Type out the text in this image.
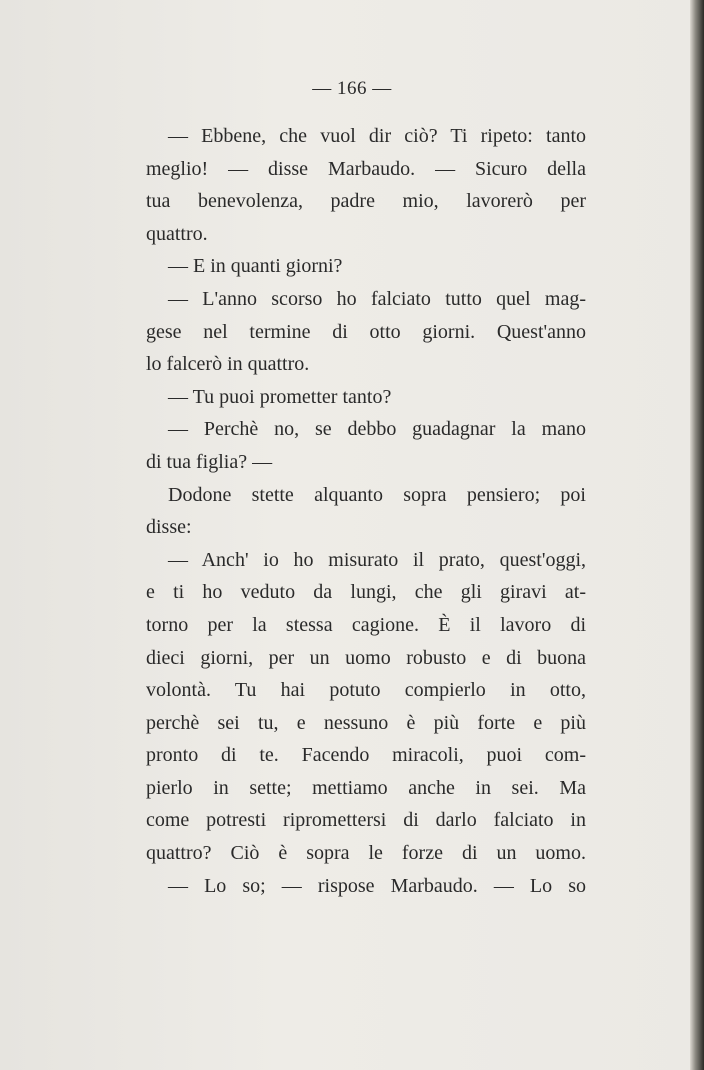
— 166 —
— Ebbene, che vuol dir ciò? Ti ripeto: tanto
meglio! — disse Marbaudo. — Sicuro della
tua benevolenza, padre mio, lavorerò per
quattro.
— E in quanti giorni?
— L'anno scorso ho falciato tutto quel mag-
gese nel termine di otto giorni. Quest'anno
lo falcerò in quattro.
— Tu puoi prometter tanto?
— Perchè no, se debbo guadagnar la mano
di tua figlia? —
Dodone stette alquanto sopra pensiero; poi
disse:
— Anch' io ho misurato il prato, quest'oggi,
e ti ho veduto da lungi, che gli giravi at-
torno per la stessa cagione. È il lavoro di
dieci giorni, per un uomo robusto e di buona
volontà. Tu hai potuto compierlo in otto,
perchè sei tu, e nessuno è più forte e più
pronto di te. Facendo miracoli, puoi com-
pierlo in sette; mettiamo anche in sei. Ma
come potresti ripromettersi di darlo falciato in
quattro? Ciò è sopra le forze di un uomo.
— Lo so; — rispose Marbaudo. — Lo so
